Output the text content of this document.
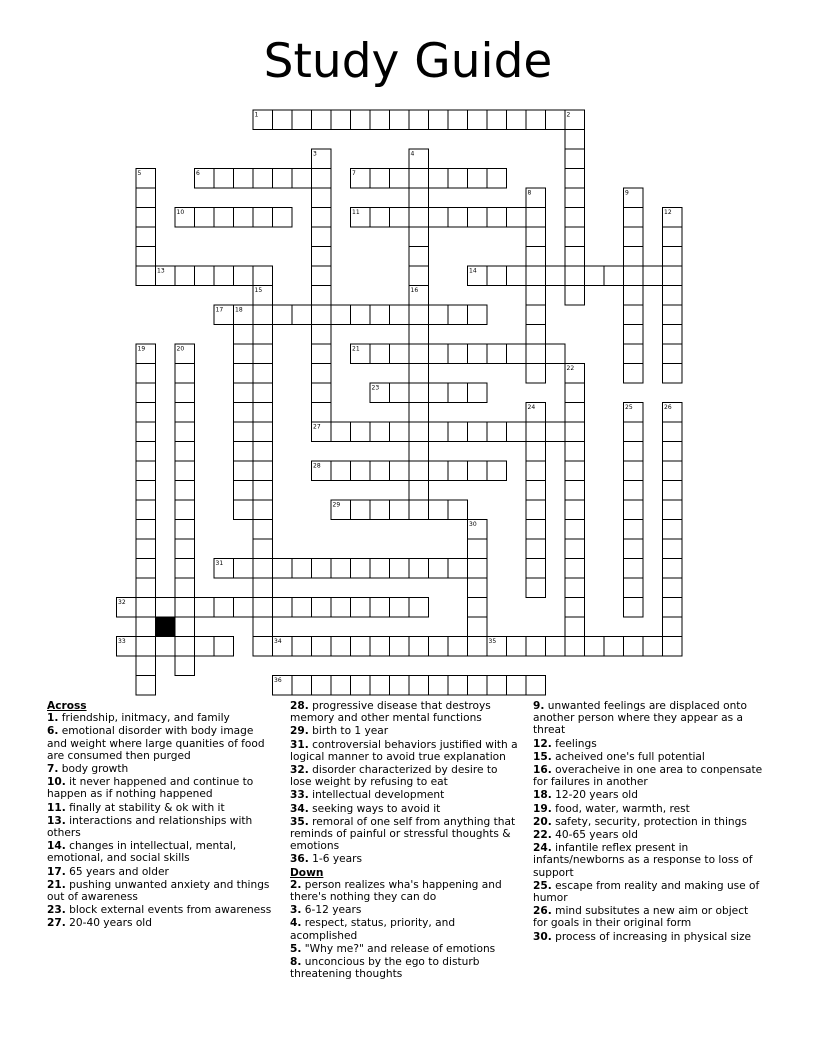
Study Guide
1
6	7
10	11
13	14
17
21
23
27
28
29
31
32
33	34	35
36
2
3	4
5
8	9
12
15	16
18
19	20
22
24	25	26
30
Across
1. friendship, initmacy, and family
6. emotional disorder with body image and weight where large quanities of food are consumed then purged
7. body growth
10. it never happened and continue to happen as if nothing happened
11. finally at stability & ok with it
13. interactions and relationships with others
14. changes in intellectual, mental, emotional, and social skills
17. 65 years and older
21. pushing unwanted anxiety and things out of awareness
23. block external events from awareness
27. 20-40 years old
28. progressive disease that destroys memory and other mental functions
29. birth to 1 year
31. controversial behaviors justified with a logical manner to avoid true explanation
32. disorder characterized by desire to lose weight by refusing to eat
33. intellectual development
34. seeking ways to avoid it
35. remoral of one self from anything that reminds of painful or stressful thoughts & emotions
36. 1-6 years
Down
2. person realizes wha's happening and there's nothing they can do
3. 6-12 years
4. respect, status, priority, and acomplished
5. "Why me?" and release of emotions
8. unconcious by the ego to disturb threatening thoughts
9. unwanted feelings are displaced onto another person where they appear as a threat
12. feelings
15. acheived one's full potential
16. overacheive in one area to conpensate for failures in another
18. 12-20 years old
19. food, water, warmth, rest
20. safety, security, protection in things
22. 40-65 years old
24. infantile reflex present in infants/newborns as a response to loss of support
25. escape from reality and making use of humor
26. mind subsitutes a new aim or object for goals in their original form
30. process of increasing in physical size
